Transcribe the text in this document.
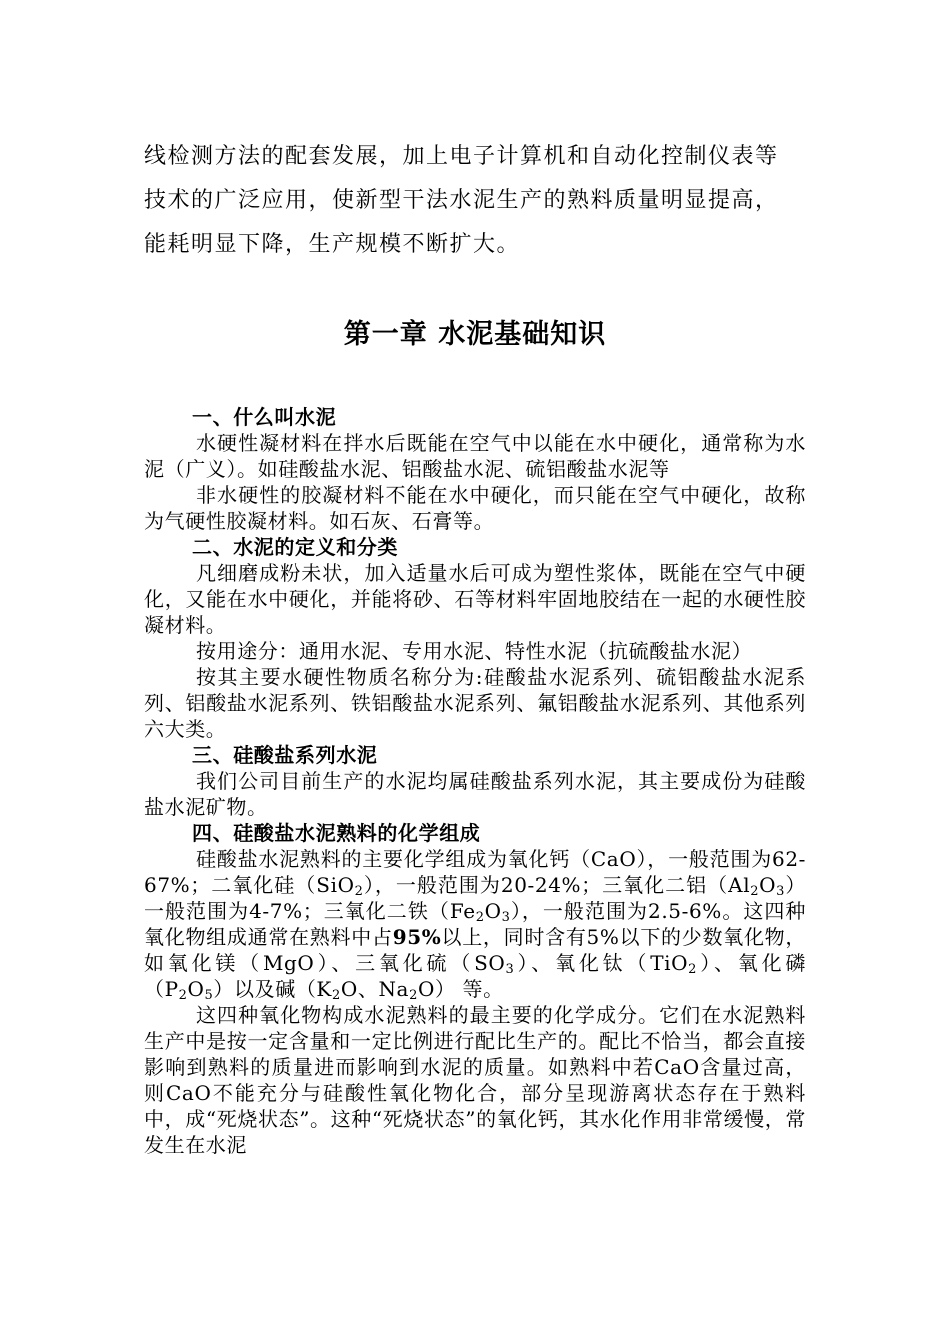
线检测方法的配套发展，加上电子计算机和自动化控制仪表等

技术的广泛应用，使新型干法水泥生产的熟料质量明显提高，

能耗明显下降，生产规模不断扩大。

第一章 水泥基础知识

一、什么叫水泥

水硬性凝材料在拌水后既能在空气中以能在水中硬化，通常称为水泥（广义）。如硅酸盐水泥、铝酸盐水泥、硫铝酸盐水泥等

非水硬性的胶凝材料不能在水中硬化，而只能在空气中硬化，故称为气硬性胶凝材料。如石灰、石膏等。

二、水泥的定义和分类

凡细磨成粉未状，加入适量水后可成为塑性浆体，既能在空气中硬化，又能在水中硬化，并能将砂、石等材料牢固地胶结在一起的水硬性胶凝材料。

按用途分：通用水泥、专用水泥、特性水泥（抗硫酸盐水泥）

按其主要水硬性物质名称分为:硅酸盐水泥系列、硫铝酸盐水泥系列、铝酸盐水泥系列、铁铝酸盐水泥系列、氟铝酸盐水泥系列、其他系列六大类。

三、硅酸盐系列水泥

我们公司目前生产的水泥均属硅酸盐系列水泥，其主要成份为硅酸盐水泥矿物。

四、硅酸盐水泥熟料的化学组成

硅酸盐水泥熟料的主要化学组成为氧化钙（CaO），一般范围为62-67%；二氧化硅（SiO$_2$），一般范围为20-24%；三氧化二铝$(Al_2O_3)$一般范围为4-7%；三氧化二铁$(Fe_2O_3)$，一般范围为2.5-6%。这四种氧化物组成通常在熟料中占95%以上，同时含有5%以下的少数氧化物，如氧化镁（MgO）、三氧化硫$(SO_3)$、氧化钛（TiO$_2$）、氧化磷$(P_2O_5)$以及碱（$K_2O$、$Na_2O$） 等。

这四种氧化物构成水泥熟料的最主要的化学成分。它们在水泥熟料生产中是按一定含量和一定比例进行配比生产的。配比不恰当，都会直接影响到熟料的质量进而影响到水泥的质量。如熟料中若CaO含量过高，则CaO不能充分与硅酸性氧化物化合，部分呈现游离状态存在于熟料中，成“死烧状态”。这种“死烧状态”的氧化钙，其水化作用非常缓慢，常发生在水泥
